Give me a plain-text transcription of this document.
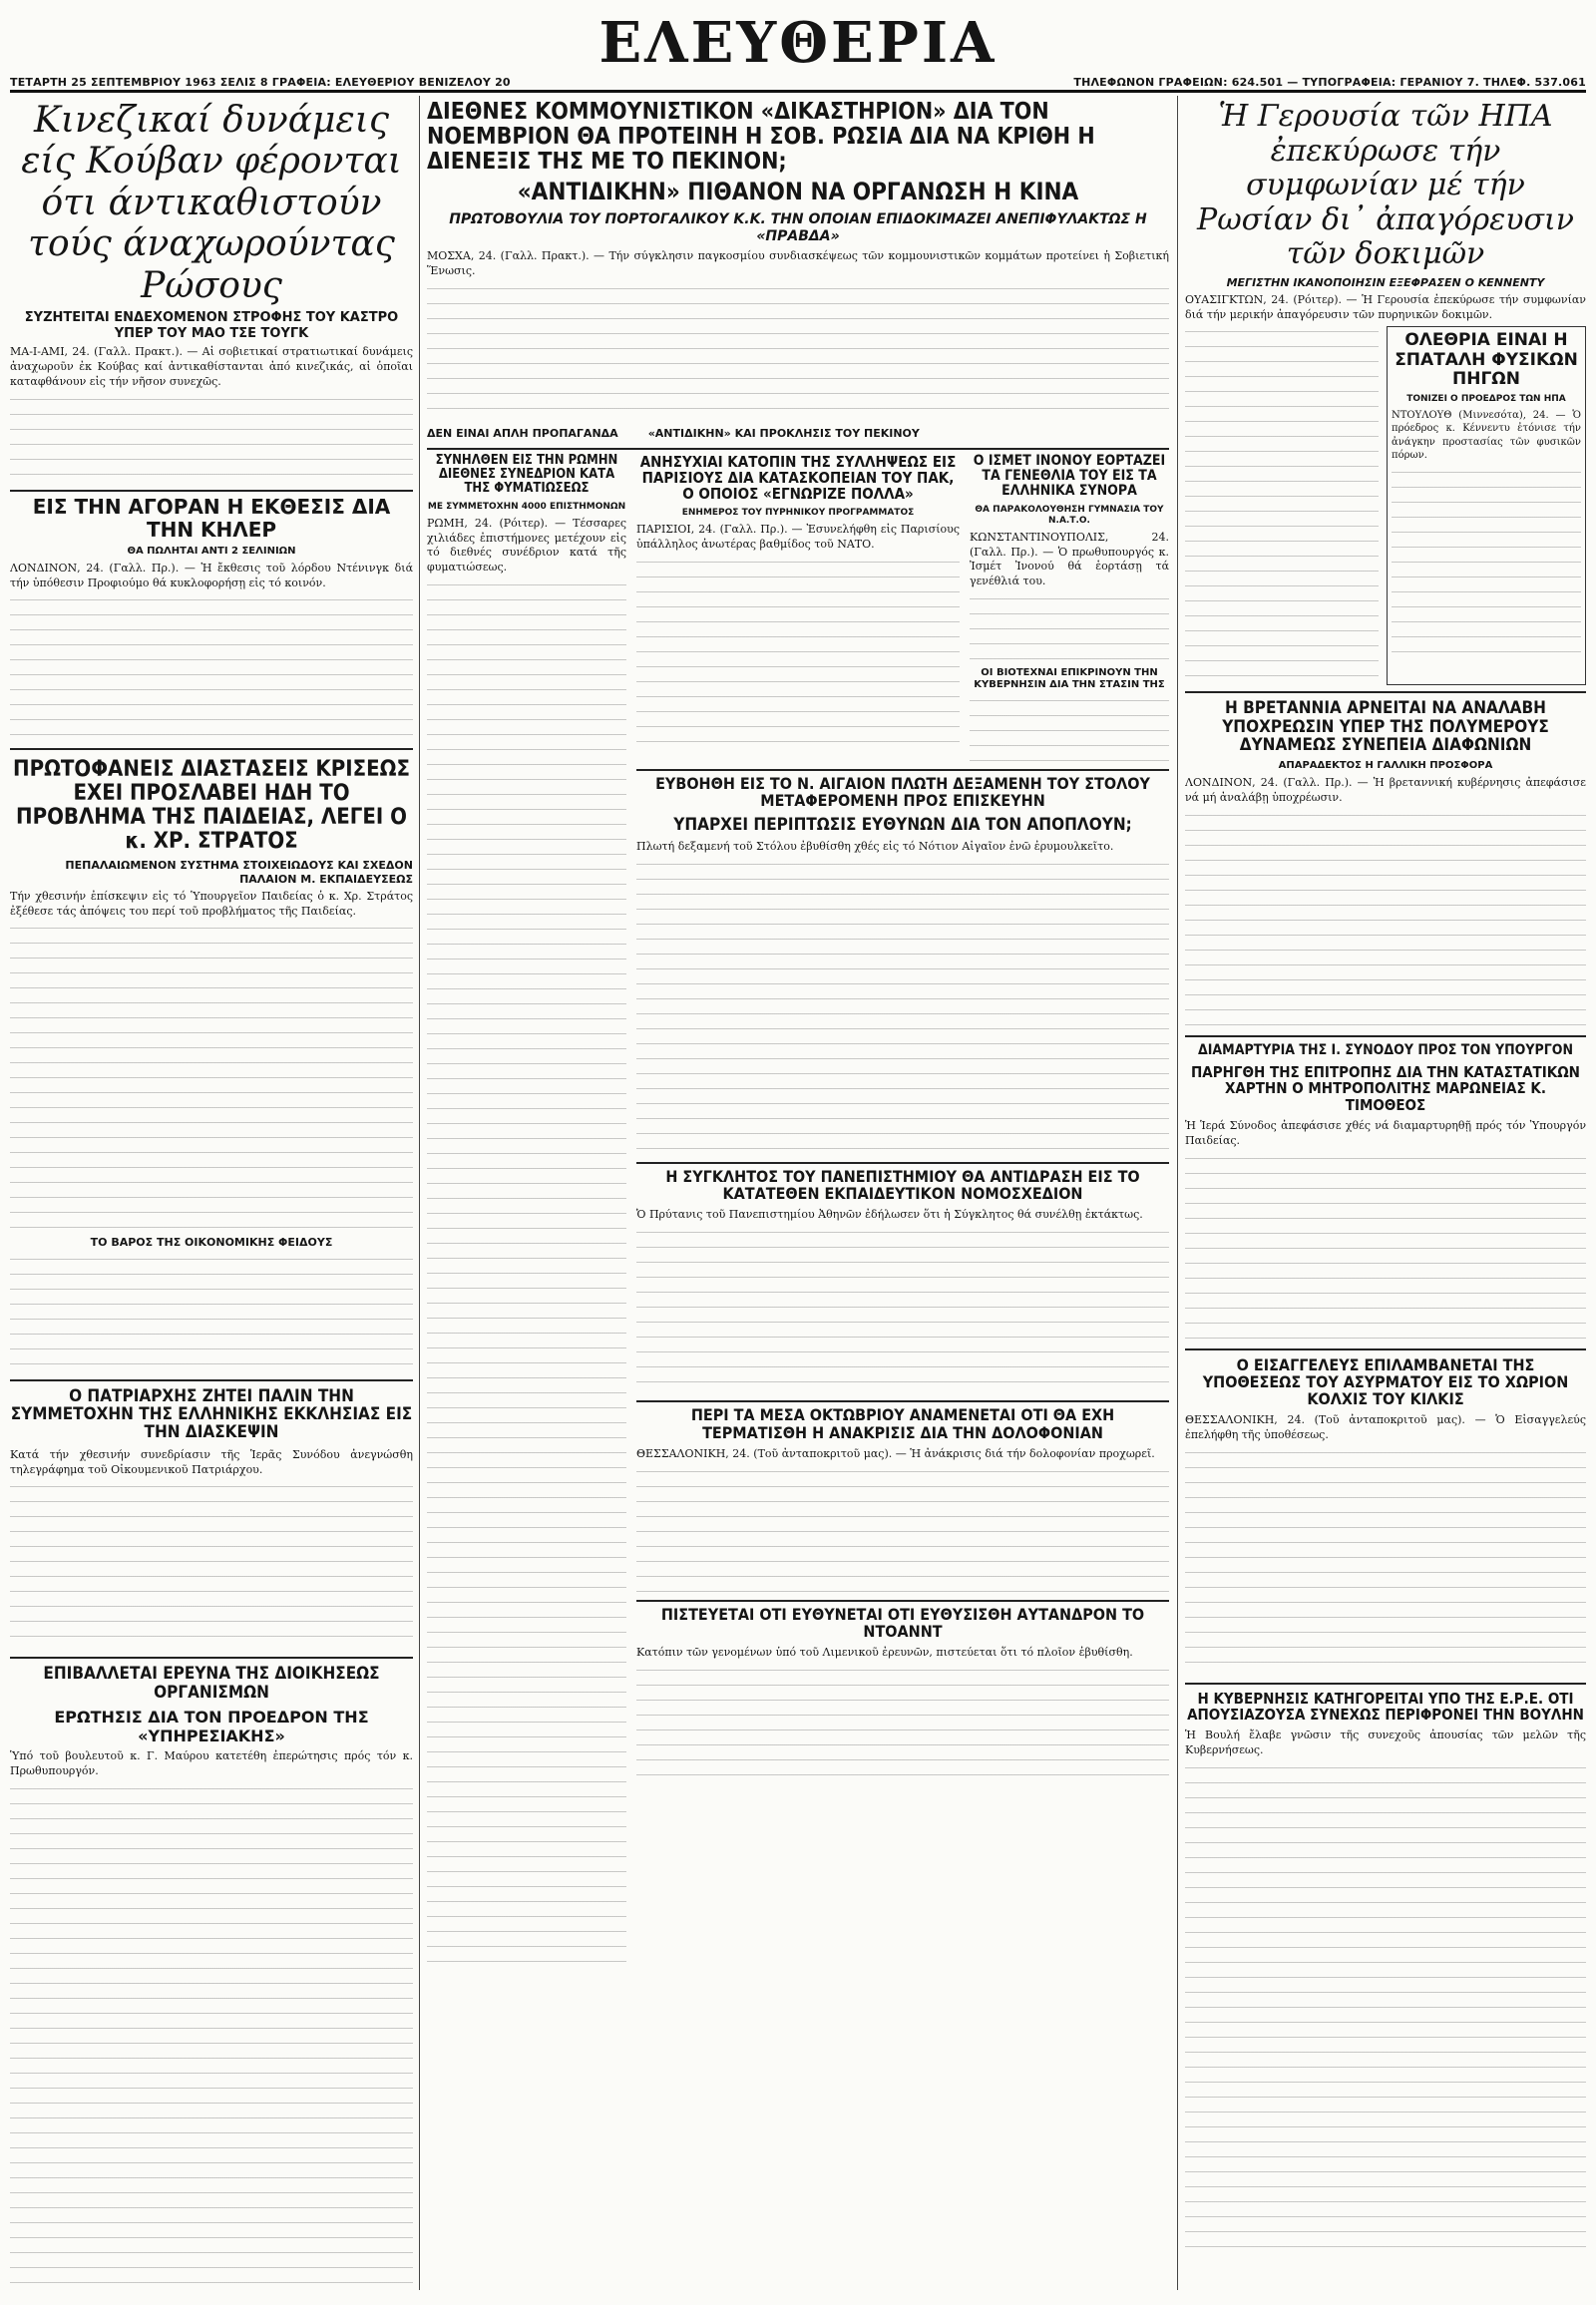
ΕΛΕΥΘΕΡΙΑ
ΤΕΤΑΡΤΗ 25 ΣΕΠΤΕΜΒΡΙΟΥ 1963 ΣΕΛΙΣ 8 ΓΡΑΦΕΙΑ: ΕΛΕΥΘΕΡΙΟΥ ΒΕΝΙΖΕΛΟΥ 20	ΤΗΛΕΦΩΝΟΝ ΓΡΑΦΕΙΩΝ: 624.501 — ΤΥΠΟΓΡΑΦΕΙΑ: ΓΕΡΑΝΙΟΥ 7. ΤΗΛΕΦ. 537.061
Κινεζικαί δυνάμεις είς Κούβαν φέρονται ότι άντικαθιστούν τούς άναχωρούντας Ρώσους
ΣΥΖΗΤΕΙΤΑΙ ΕΝΔΕΧΟΜΕΝΟΝ ΣΤΡΟΦΗΣ ΤΟΥ ΚΑΣΤΡΟ ΥΠΕΡ ΤΟΥ ΜΑΟ ΤΣΕ ΤΟΥΓΚ

ΜΑ-Ι-ΑΜΙ, 24. (Γαλλ. Πρακτ.). — Αἱ σοβιετικαί στρατιωτικαί δυνάμεις ἀναχωροῦν ἐκ Κούβας καί ἀντικαθίστανται ἀπό κινεζικάς, αἱ ὁποῖαι καταφθάνουν εἰς τήν νῆσον συνεχῶς.

ΕΙΣ ΤΗΝ ΑΓΟΡΑΝ Η ΕΚΘΕΣΙΣ ΔΙΑ ΤΗΝ ΚΗΛΕΡ
ΘΑ ΠΩΛΗΤΑΙ ΑΝΤΙ 2 ΣΕΛΙΝΙΩΝ

ΛΟΝΔΙΝΟΝ, 24. (Γαλλ. Πρ.). — Ἡ ἔκθεσις τοῦ λόρδου Ντένινγκ διά τήν ὑπόθεσιν Προφιούμο θά κυκλοφορήσῃ εἰς τό κοινόν.

ΠΡΩΤΟΦΑΝΕΙΣ ΔΙΑΣΤΑΣΕΙΣ ΚΡΙΣΕΩΣ ΕΧΕΙ ΠΡΟΣΛΑΒΕΙ ΗΔΗ ΤΟ ΠΡΟΒΛΗΜΑ ΤΗΣ ΠΑΙΔΕΙΑΣ, ΛΕΓΕΙ Ο κ. ΧΡ. ΣΤΡΑΤΟΣ
ΠΕΠΑΛΑΙΩΜΕΝΟΝ ΣΥΣΤΗΜΑ ΣΤΟΙΧΕΙΩΔΟΥΣ ΚΑΙ ΣΧΕΔΟΝ ΠΑΛΑΙΟΝ Μ. ΕΚΠΑΙΔΕΥΣΕΩΣ

Τήν χθεσινήν ἐπίσκεψιν εἰς τό Ὑπουργεῖον Παιδείας ὁ κ. Χρ. Στράτος ἐξέθεσε τάς ἀπόψεις του περί τοῦ προβλήματος τῆς Παιδείας.

ΤΟ ΒΑΡΟΣ ΤΗΣ ΟΙΚΟΝΟΜΙΚΗΣ ΦΕΙΔΟΥΣ
Ο ΠΑΤΡΙΑΡΧΗΣ ΖΗΤΕΙ ΠΑΛΙΝ ΤΗΝ ΣΥΜΜΕΤΟΧΗΝ ΤΗΣ ΕΛΛΗΝΙΚΗΣ ΕΚΚΛΗΣΙΑΣ ΕΙΣ ΤΗΝ ΔΙΑΣΚΕΨΙΝ

Κατά τήν χθεσινήν συνεδρίασιν τῆς Ἱερᾶς Συνόδου ἀνεγνώσθη τηλεγράφημα τοῦ Οἰκουμενικοῦ Πατριάρχου.

ΕΠΙΒΑΛΛΕΤΑΙ ΕΡΕΥΝΑ ΤΗΣ ΔΙΟΙΚΗΣΕΩΣ ΟΡΓΑΝΙΣΜΩΝ
ΕΡΩΤΗΣΙΣ ΔΙΑ ΤΟΝ ΠΡΟΕΔΡΟΝ ΤΗΣ «ΥΠΗΡΕΣΙΑΚΗΣ»

Ὑπό τοῦ βουλευτοῦ κ. Γ. Μαύρου κατετέθη ἐπερώτησις πρός τόν κ. Πρωθυπουργόν.

ΔΙΕΘΝΕΣ ΚΟΜΜΟΥΝΙΣΤΙΚΟΝ «ΔΙΚΑΣΤΗΡΙΟΝ» ΔΙΑ ΤΟΝ ΝΟΕΜΒΡΙΟΝ ΘΑ ΠΡΟΤΕΙΝΗ Η ΣΟΒ. ΡΩΣΙΑ ΔΙΑ ΝΑ ΚΡΙΘΗ Η ΔΙΕΝΕΞΙΣ ΤΗΣ ΜΕ ΤΟ ΠΕΚΙΝΟΝ;
«ΑΝΤΙΔΙΚΗΝ» ΠΙΘΑΝΟΝ ΝΑ ΟΡΓΑΝΩΣΗ Η ΚΙΝΑ
ΠΡΩΤΟΒΟΥΛΙΑ ΤΟΥ ΠΟΡΤΟΓΑΛΙΚΟΥ Κ.Κ. ΤΗΝ ΟΠΟΙΑΝ ΕΠΙΔΟΚΙΜΑΖΕΙ ΑΝΕΠΙΦΥΛΑΚΤΩΣ Η «ΠΡΑΒΔΑ»

ΜΟΣΧΑ, 24. (Γαλλ. Πρακτ.). — Τήν σύγκλησιν παγκοσμίου συνδιασκέψεως τῶν κομμουνιστικῶν κομμάτων προτείνει ἡ Σοβιετική Ἕνωσις.

ΔΕΝ ΕΙΝΑΙ ΑΠΛΗ ΠΡΟΠΑΓΑΝΔΑ	«ΑΝΤΙΔΙΚΗΝ» ΚΑΙ ΠΡΟΚΛΗΣΙΣ ΤΟΥ ΠΕΚΙΝΟΥ
ΣΥΝΗΛΘΕΝ ΕΙΣ ΤΗΝ ΡΩΜΗΝ ΔΙΕΘΝΕΣ ΣΥΝΕΔΡΙΟΝ ΚΑΤΑ ΤΗΣ ΦΥΜΑΤΙΩΣΕΩΣ
ΜΕ ΣΥΜΜΕΤΟΧΗΝ 4000 ΕΠΙΣΤΗΜΟΝΩΝ

ΡΩΜΗ, 24. (Ρόιτερ). — Τέσσαρες χιλιάδες ἐπιστήμονες μετέχουν εἰς τό διεθνές συνέδριον κατά τῆς φυματιώσεως.

ΑΝΗΣΥΧΙΑΙ ΚΑΤΟΠΙΝ ΤΗΣ ΣΥΛΛΗΨΕΩΣ ΕΙΣ ΠΑΡΙΣΙΟΥΣ ΔΙΑ ΚΑΤΑΣΚΟΠΕΙΑΝ ΤΟΥ ΠΑΚ, Ο ΟΠΟΙΟΣ «ΕΓΝΩΡΙΖΕ ΠΟΛΛΑ»
ΕΝΗΜΕΡΟΣ ΤΟΥ ΠΥΡΗΝΙΚΟΥ ΠΡΟΓΡΑΜΜΑΤΟΣ

ΠΑΡΙΣΙΟΙ, 24. (Γαλλ. Πρ.). — Ἐσυνελήφθη εἰς Παρισίους ὑπάλληλος ἀνωτέρας βαθμίδος τοῦ ΝΑΤΟ.

Ο ΙΣΜΕΤ ΙΝΟΝΟΥ ΕΟΡΤΑΖΕΙ ΤΑ ΓΕΝΕΘΛΙΑ ΤΟΥ ΕΙΣ ΤΑ ΕΛΛΗΝΙΚΑ ΣΥΝΟΡΑ
ΘΑ ΠΑΡΑΚΟΛΟΥΘΗΣΗ ΓΥΜΝΑΣΙΑ ΤΟΥ Ν.Α.Τ.Ο.

ΚΩΝΣΤΑΝΤΙΝΟΥΠΟΛΙΣ, 24. (Γαλλ. Πρ.). — Ὁ πρωθυπουργός κ. Ἰσμέτ Ἰνονού θά ἑορτάσῃ τά γενέθλιά του.

ΟΙ ΒΙΟΤΕΧΝΑΙ ΕΠΙΚΡΙΝΟΥΝ ΤΗΝ ΚΥΒΕΡΝΗΣΙΝ ΔΙΑ ΤΗΝ ΣΤΑΣΙΝ ΤΗΣ
ΕΥΒΟΗΘΗ ΕΙΣ ΤΟ Ν. ΑΙΓΑΙΟΝ ΠΛΩΤΗ ΔΕΞΑΜΕΝΗ ΤΟΥ ΣΤΟΛΟΥ ΜΕΤΑΦΕΡΟΜΕΝΗ ΠΡΟΣ ΕΠΙΣΚΕΥΗΝ
ΥΠΑΡΧΕΙ ΠΕΡΙΠΤΩΣΙΣ ΕΥΘΥΝΩΝ ΔΙΑ ΤΟΝ ΑΠΟΠΛΟΥΝ;

Πλωτή δεξαμενή τοῦ Στόλου ἐβυθίσθη χθές εἰς τό Νότιον Αἰγαῖον ἐνῶ ἐρυμουλκεῖτο.

Η ΣΥΓΚΛΗΤΟΣ ΤΟΥ ΠΑΝΕΠΙΣΤΗΜΙΟΥ ΘΑ ΑΝΤΙΔΡΑΣΗ ΕΙΣ ΤΟ ΚΑΤΑΤΕΘΕΝ ΕΚΠΑΙΔΕΥΤΙΚΟΝ ΝΟΜΟΣΧΕΔΙΟΝ

Ὁ Πρύτανις τοῦ Πανεπιστημίου Ἀθηνῶν ἐδήλωσεν ὅτι ἡ Σύγκλητος θά συνέλθῃ ἐκτάκτως.

ΠΕΡΙ ΤΑ ΜΕΣΑ ΟΚΤΩΒΡΙΟΥ ΑΝΑΜΕΝΕΤΑΙ ΟΤΙ ΘΑ ΕΧΗ ΤΕΡΜΑΤΙΣΘΗ Η ΑΝΑΚΡΙΣΙΣ ΔΙΑ ΤΗΝ ΔΟΛΟΦΟΝΙΑΝ

ΘΕΣΣΑΛΟΝΙΚΗ, 24. (Τοῦ ἀνταποκριτοῦ μας). — Ἡ ἀνάκρισις διά τήν δολοφονίαν προχωρεῖ.

ΠΙΣΤΕΥΕΤΑΙ ΟΤΙ ΕΥΘΥΝΕΤΑΙ ΟΤΙ ΕΥΘΥΣΙΣΘΗ ΑΥΤΑΝΔΡΟΝ ΤΟ ΝΤΟΑΝΝΤ

Κατόπιν τῶν γενομένων ὑπό τοῦ Λιμενικοῦ ἐρευνῶν, πιστεύεται ὅτι τό πλοῖον ἐβυθίσθη.

Ἡ Γερουσία τῶν ΗΠΑ ἐπεκύρωσε τήν συμφωνίαν μέ τήν Ρωσίαν δι᾽ ἀπαγόρευσιν τῶν δοκιμῶν
ΜΕΓΙΣΤΗΝ ΙΚΑΝΟΠΟΙΗΣΙΝ ΕΞΕΦΡΑΣΕΝ Ο ΚΕΝΝΕΝΤΥ

ΟΥΑΣΙΓΚΤΩΝ, 24. (Ρόιτερ). — Ἡ Γερουσία ἐπεκύρωσε τήν συμφωνίαν διά τήν μερικήν ἀπαγόρευσιν τῶν πυρηνικῶν δοκιμῶν.

ΟΛΕΘΡΙΑ ΕΙΝΑΙ Η ΣΠΑΤΑΛΗ ΦΥΣΙΚΩΝ ΠΗΓΩΝ
ΤΟΝΙΖΕΙ Ο ΠΡΟΕΔΡΟΣ ΤΩΝ ΗΠΑ

ΝΤΟΥΛΟΥΘ (Μιννεσότα), 24. — Ὁ πρόεδρος κ. Κέννεντυ ἐτόνισε τήν ἀνάγκην προστασίας τῶν φυσικῶν πόρων.

Η ΒΡΕΤΑΝΝΙΑ ΑΡΝΕΙΤΑΙ ΝΑ ΑΝΑΛΑΒΗ ΥΠΟΧΡΕΩΣΙΝ ΥΠΕΡ ΤΗΣ ΠΟΛΥΜΕΡΟΥΣ ΔΥΝΑΜΕΩΣ ΣΥΝΕΠΕΙΑ ΔΙΑΦΩΝΙΩΝ
ΑΠΑΡΑΔΕΚΤΟΣ Η ΓΑΛΛΙΚΗ ΠΡΟΣΦΟΡΑ

ΛΟΝΔΙΝΟΝ, 24. (Γαλλ. Πρ.). — Ἡ βρεταννική κυβέρνησις ἀπεφάσισε νά μή ἀναλάβῃ ὑποχρέωσιν.

ΔΙΑΜΑΡΤΥΡΙΑ ΤΗΣ Ι. ΣΥΝΟΔΟΥ ΠΡΟΣ ΤΟΝ ΥΠΟΥΡΓΟΝ
ΠΑΡΗΓΘΗ ΤΗΣ ΕΠΙΤΡΟΠΗΣ ΔΙΑ ΤΗΝ ΚΑΤΑΣΤΑΤΙΚΩΝ ΧΑΡΤΗΝ Ο ΜΗΤΡΟΠΟΛΙΤΗΣ ΜΑΡΩΝΕΙΑΣ Κ. ΤΙΜΟΘΕΟΣ

Ἡ Ἱερά Σύνοδος ἀπεφάσισε χθές νά διαμαρτυρηθῇ πρός τόν Ὑπουργόν Παιδείας.

Ο ΕΙΣΑΓΓΕΛΕΥΣ ΕΠΙΛΑΜΒΑΝΕΤΑΙ ΤΗΣ ΥΠΟΘΕΣΕΩΣ ΤΟΥ ΑΣΥΡΜΑΤΟΥ ΕΙΣ ΤΟ ΧΩΡΙΟΝ ΚΟΛΧΙΣ ΤΟΥ ΚΙΛΚΙΣ

ΘΕΣΣΑΛΟΝΙΚΗ, 24. (Τοῦ ἀνταποκριτοῦ μας). — Ὁ Εἰσαγγελεύς ἐπελήφθη τῆς ὑποθέσεως.

Η ΚΥΒΕΡΝΗΣΙΣ ΚΑΤΗΓΟΡΕΙΤΑΙ ΥΠΟ ΤΗΣ Ε.Ρ.Ε. ΟΤΙ ΑΠΟΥΣΙΑΖΟΥΣΑ ΣΥΝΕΧΩΣ ΠΕΡΙΦΡΟΝΕΙ ΤΗΝ ΒΟΥΛΗΝ

Ἡ Βουλή ἔλαβε γνῶσιν τῆς συνεχοῦς ἀπουσίας τῶν μελῶν τῆς Κυβερνήσεως.
